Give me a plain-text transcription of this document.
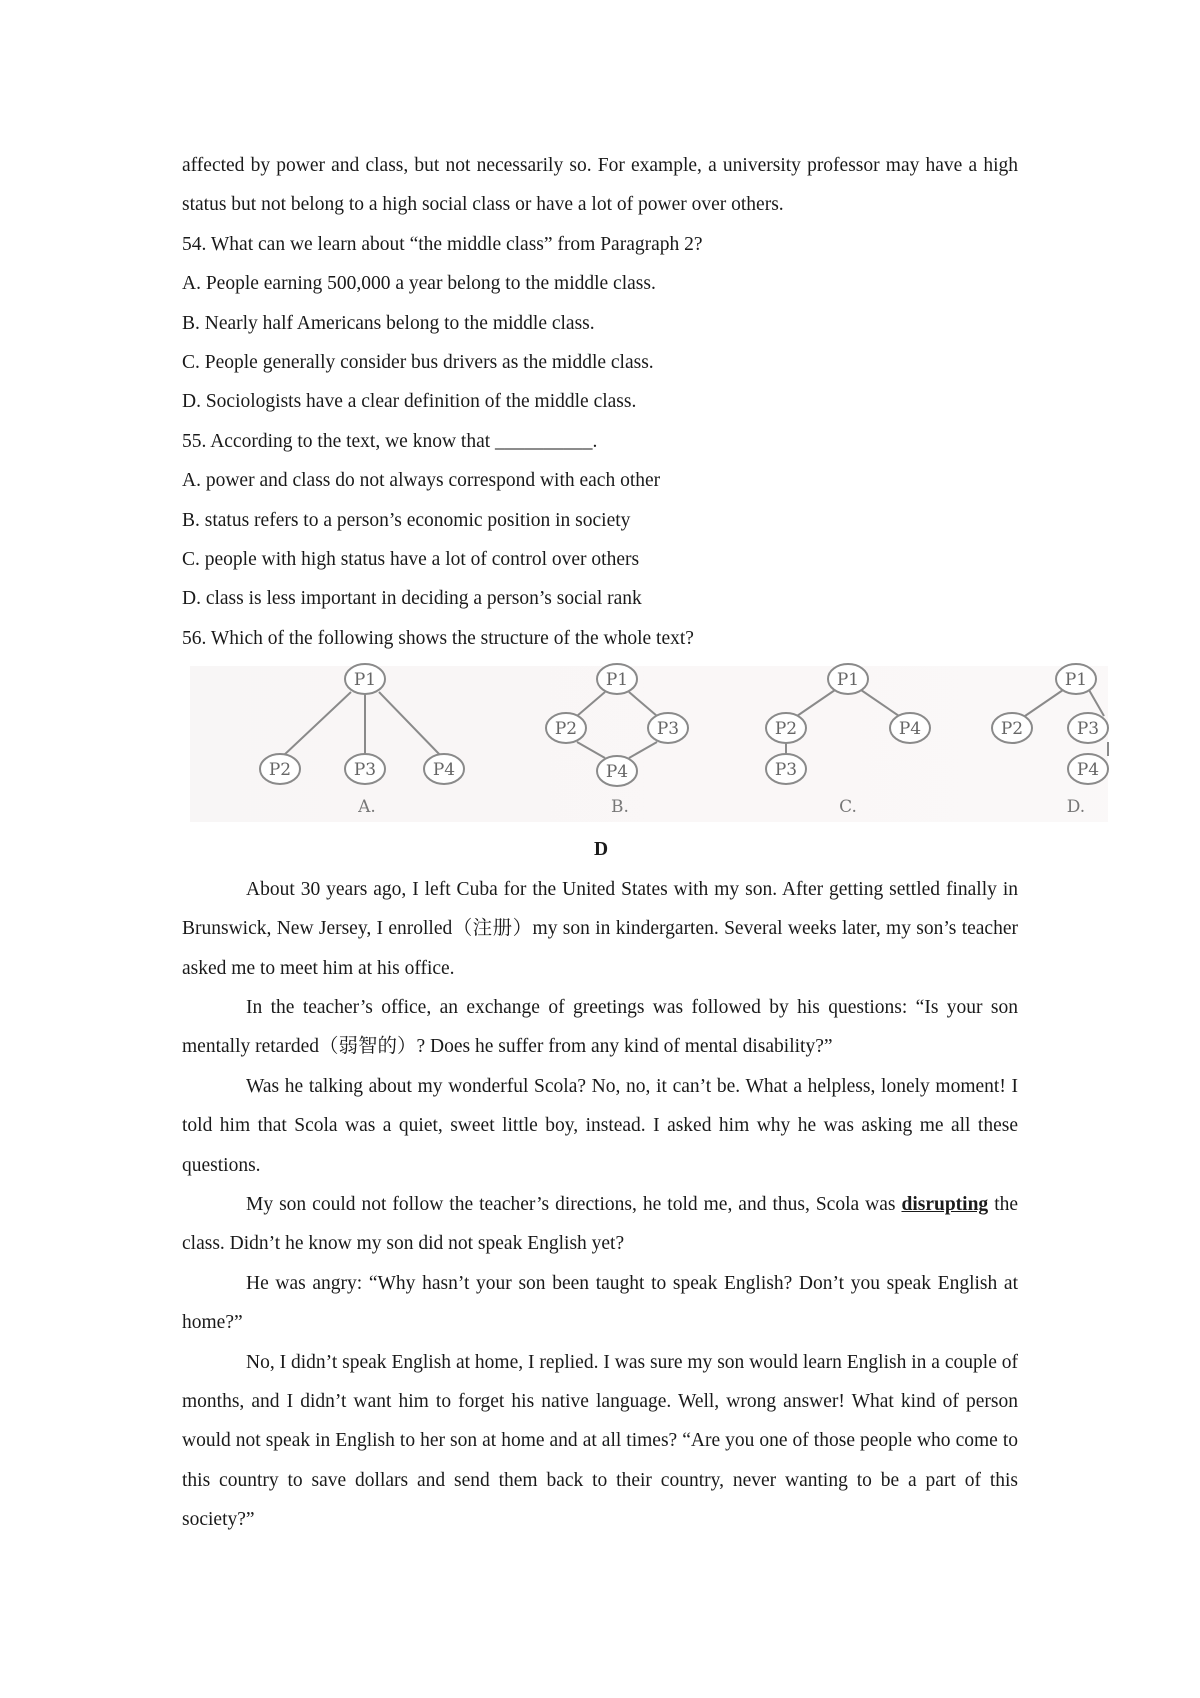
affected by power and class, but not necessarily so. For example, a university professor may have a high status but not belong to a high social class or have a lot of power over others.

54. What can we learn about “the middle class” from Paragraph 2?

A. People earning 500,000 a year belong to the middle class.

B. Nearly half Americans belong to the middle class.

C. People generally consider bus drivers as the middle class.

D. Sociologists have a clear definition of the middle class.

55. According to the text, we know that __________.

A. power and class do not always correspond with each other

B. status refers to a person’s economic position in society

C. people with high status have a lot of control over others

D. class is less important in deciding a person’s social rank

56. Which of the following shows the structure of the whole text?

P1
P2	P3	P4
A.
P1
P2	P3
P4
B.
P1
P2	P4
P3
C.
P1
P2	P3
P4
D.

D

About 30 years ago, I left Cuba for the United States with my son. After getting settled finally in Brunswick, New Jersey, I enrolled（注册）my son in kindergarten. Several weeks later, my son’s teacher asked me to meet him at his office.

In the teacher’s office, an exchange of greetings was followed by his questions: “Is your son mentally retarded（弱智的）? Does he suffer from any kind of mental disability?”

Was he talking about my wonderful Scola? No, no, it can’t be. What a helpless, lonely moment! I told him that Scola was a quiet, sweet little boy, instead. I asked him why he was asking me all these questions.

My son could not follow the teacher’s directions, he told me, and thus, Scola was disrupting the class. Didn’t he know my son did not speak English yet?

He was angry: “Why hasn’t your son been taught to speak English? Don’t you speak English at home?”

No, I didn’t speak English at home, I replied. I was sure my son would learn English in a couple of months, and I didn’t want him to forget his native language. Well, wrong answer! What kind of person would not speak in English to her son at home and at all times? “Are you one of those people who come to this country to save dollars and send them back to their country, never wanting to be a part of this society?”
